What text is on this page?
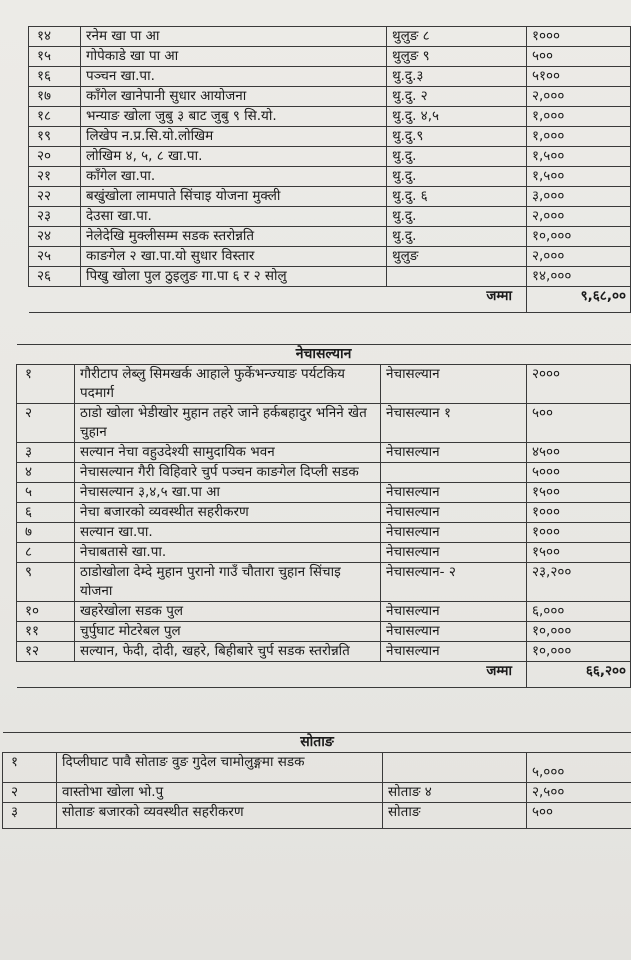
१४	रनेम खा पा आ	थुलुङ ८	१०००
१५	गोपेकाडे खा पा आ	थुलुङ ९	५००
१६	पञ्चन खा.पा.	थु.दु.३	५१००
१७	काँगेल खानेपानी सुधार आयोजना	थु.दु. २	२,०००
१८	भन्याङ खोला जुबु ३ बाट जुबु ९ सि.यो.	थु.दु. ४,५	१,०००
१९	लिखेप न.प्र.सि.यो.लोखिम	थु.दु.९	१,०००
२०	लोखिम ४, ५, ८ खा.पा.	थु.दु.	१,५००
२१	काँगेल खा.पा.	थु.दु.	१,५००
२२	बखुंखोला लामपाते सिंचाइ योजना मुक्ली	थु.दु. ६	३,०००
२३	देउसा खा.पा.	थु.दु.	२,०००
२४	नेलेदेखि मुक्लीसम्म सडक स्तरोन्नति	थु.दु.	१०,०००
२५	काङगेल २ खा.पा.यो सुधार विस्तार	थुलुङ	२,०००
२६	पिखु खोला पुल ठुइलुङ गा.पा ६ र २ सोलु		१४,०००
जम्मा			९,६८,००
नेचासल्यान			
१	गौरीटाप लेब्लु सिमखर्क आहाले फुर्केभन्ज्याङ पर्यटकिय पदमार्ग	नेचासल्यान	२०००
२	ठाडो खोला भेडीखोर मुहान तहरे जाने हर्कबहादुर भनिने खेत चुहान	नेचासल्यान १	५००
३	सल्यान नेचा वहुउदेश्यी सामुदायिक भवन	नेचासल्यान	४५००
४	नेचासल्यान गैरी विहिवारे चुर्प पञ्चन काङगेल दिप्ली सडक		५०००
५	नेचासल्यान ३,४,५ खा.पा आ	नेचासल्यान	१५००
६	नेचा बजारको व्यवस्थीत सहरीकरण	नेचासल्यान	१०००
७	सल्यान खा.पा.	नेचासल्यान	१०००
८	नेचाबतासे खा.पा.	नेचासल्यान	१५००
९	ठाडोखोला देम्दे मुहान पुरानो गाउँ चौतारा चुहान सिंचाइ योजना	नेचासल्यान- २	२३,२००
१०	खहरेखोला सडक पुल	नेचासल्यान	६,०००
११	चुर्पुघाट मोटरेबल पुल	नेचासल्यान	१०,०००
१२	सल्यान, फेदी, दोदी, खहरे, बिहीबारे चुर्प सडक स्तरोन्नति	नेचासल्यान	१०,०००
जम्मा			६६,२००
सोताङ			
१	दिप्लीघाट पावै सोताङ वुङ गुदेल चामोलुङ्गमा सडक		५,०००
२	वास्तोभा खोला भो.पु	सोताङ ४	२,५००
३	सोताङ बजारको व्यवस्थीत सहरीकरण	सोताङ	५००
